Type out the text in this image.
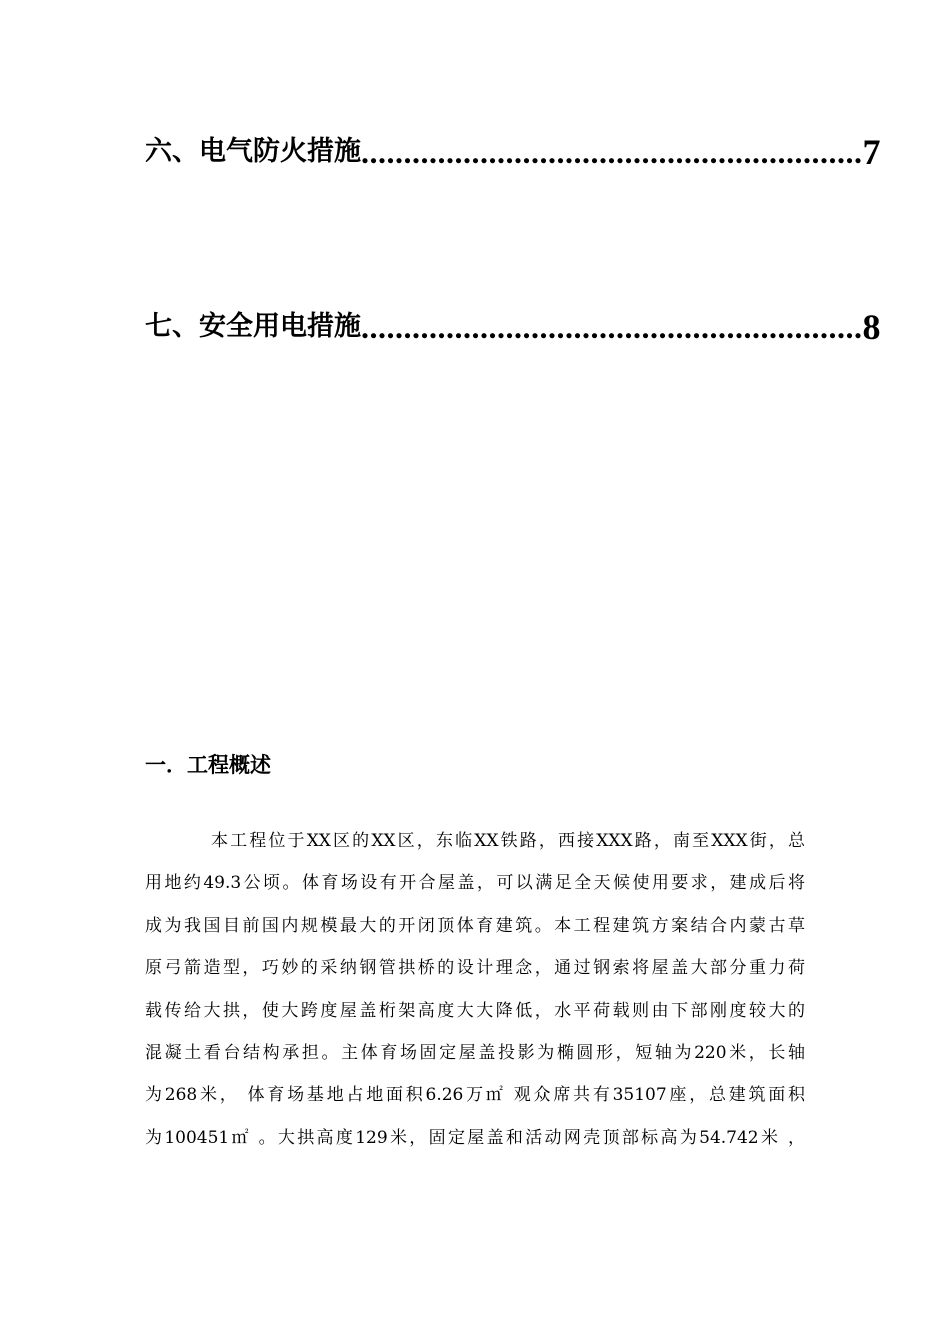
六、电气防火措施 ........................................................... 7
七、安全用电措施 ........................................................... 8
一．工程概述
本工程位于XX区的XX区，东临XX铁路，西接XXX路，南至XXX街，总
用地约49.3公顷。体育场设有开合屋盖，可以满足全天候使用要求，建成后将
成为我国目前国内规模最大的开闭顶体育建筑。本工程建筑方案结合内蒙古草
原弓箭造型，巧妙的采纳钢管拱桥的设计理念，通过钢索将屋盖大部分重力荷
载传给大拱，使大跨度屋盖桁架高度大大降低，水平荷载则由下部刚度较大的
混凝土看台结构承担。主体育场固定屋盖投影为椭圆形，短轴为220米，长轴
为268米， 体育场基地占地面积6.26万㎡ 观众席共有35107座，总建筑面积
为100451㎡ 。大拱高度129米，固定屋盖和活动网壳顶部标高为54.742米 ，
